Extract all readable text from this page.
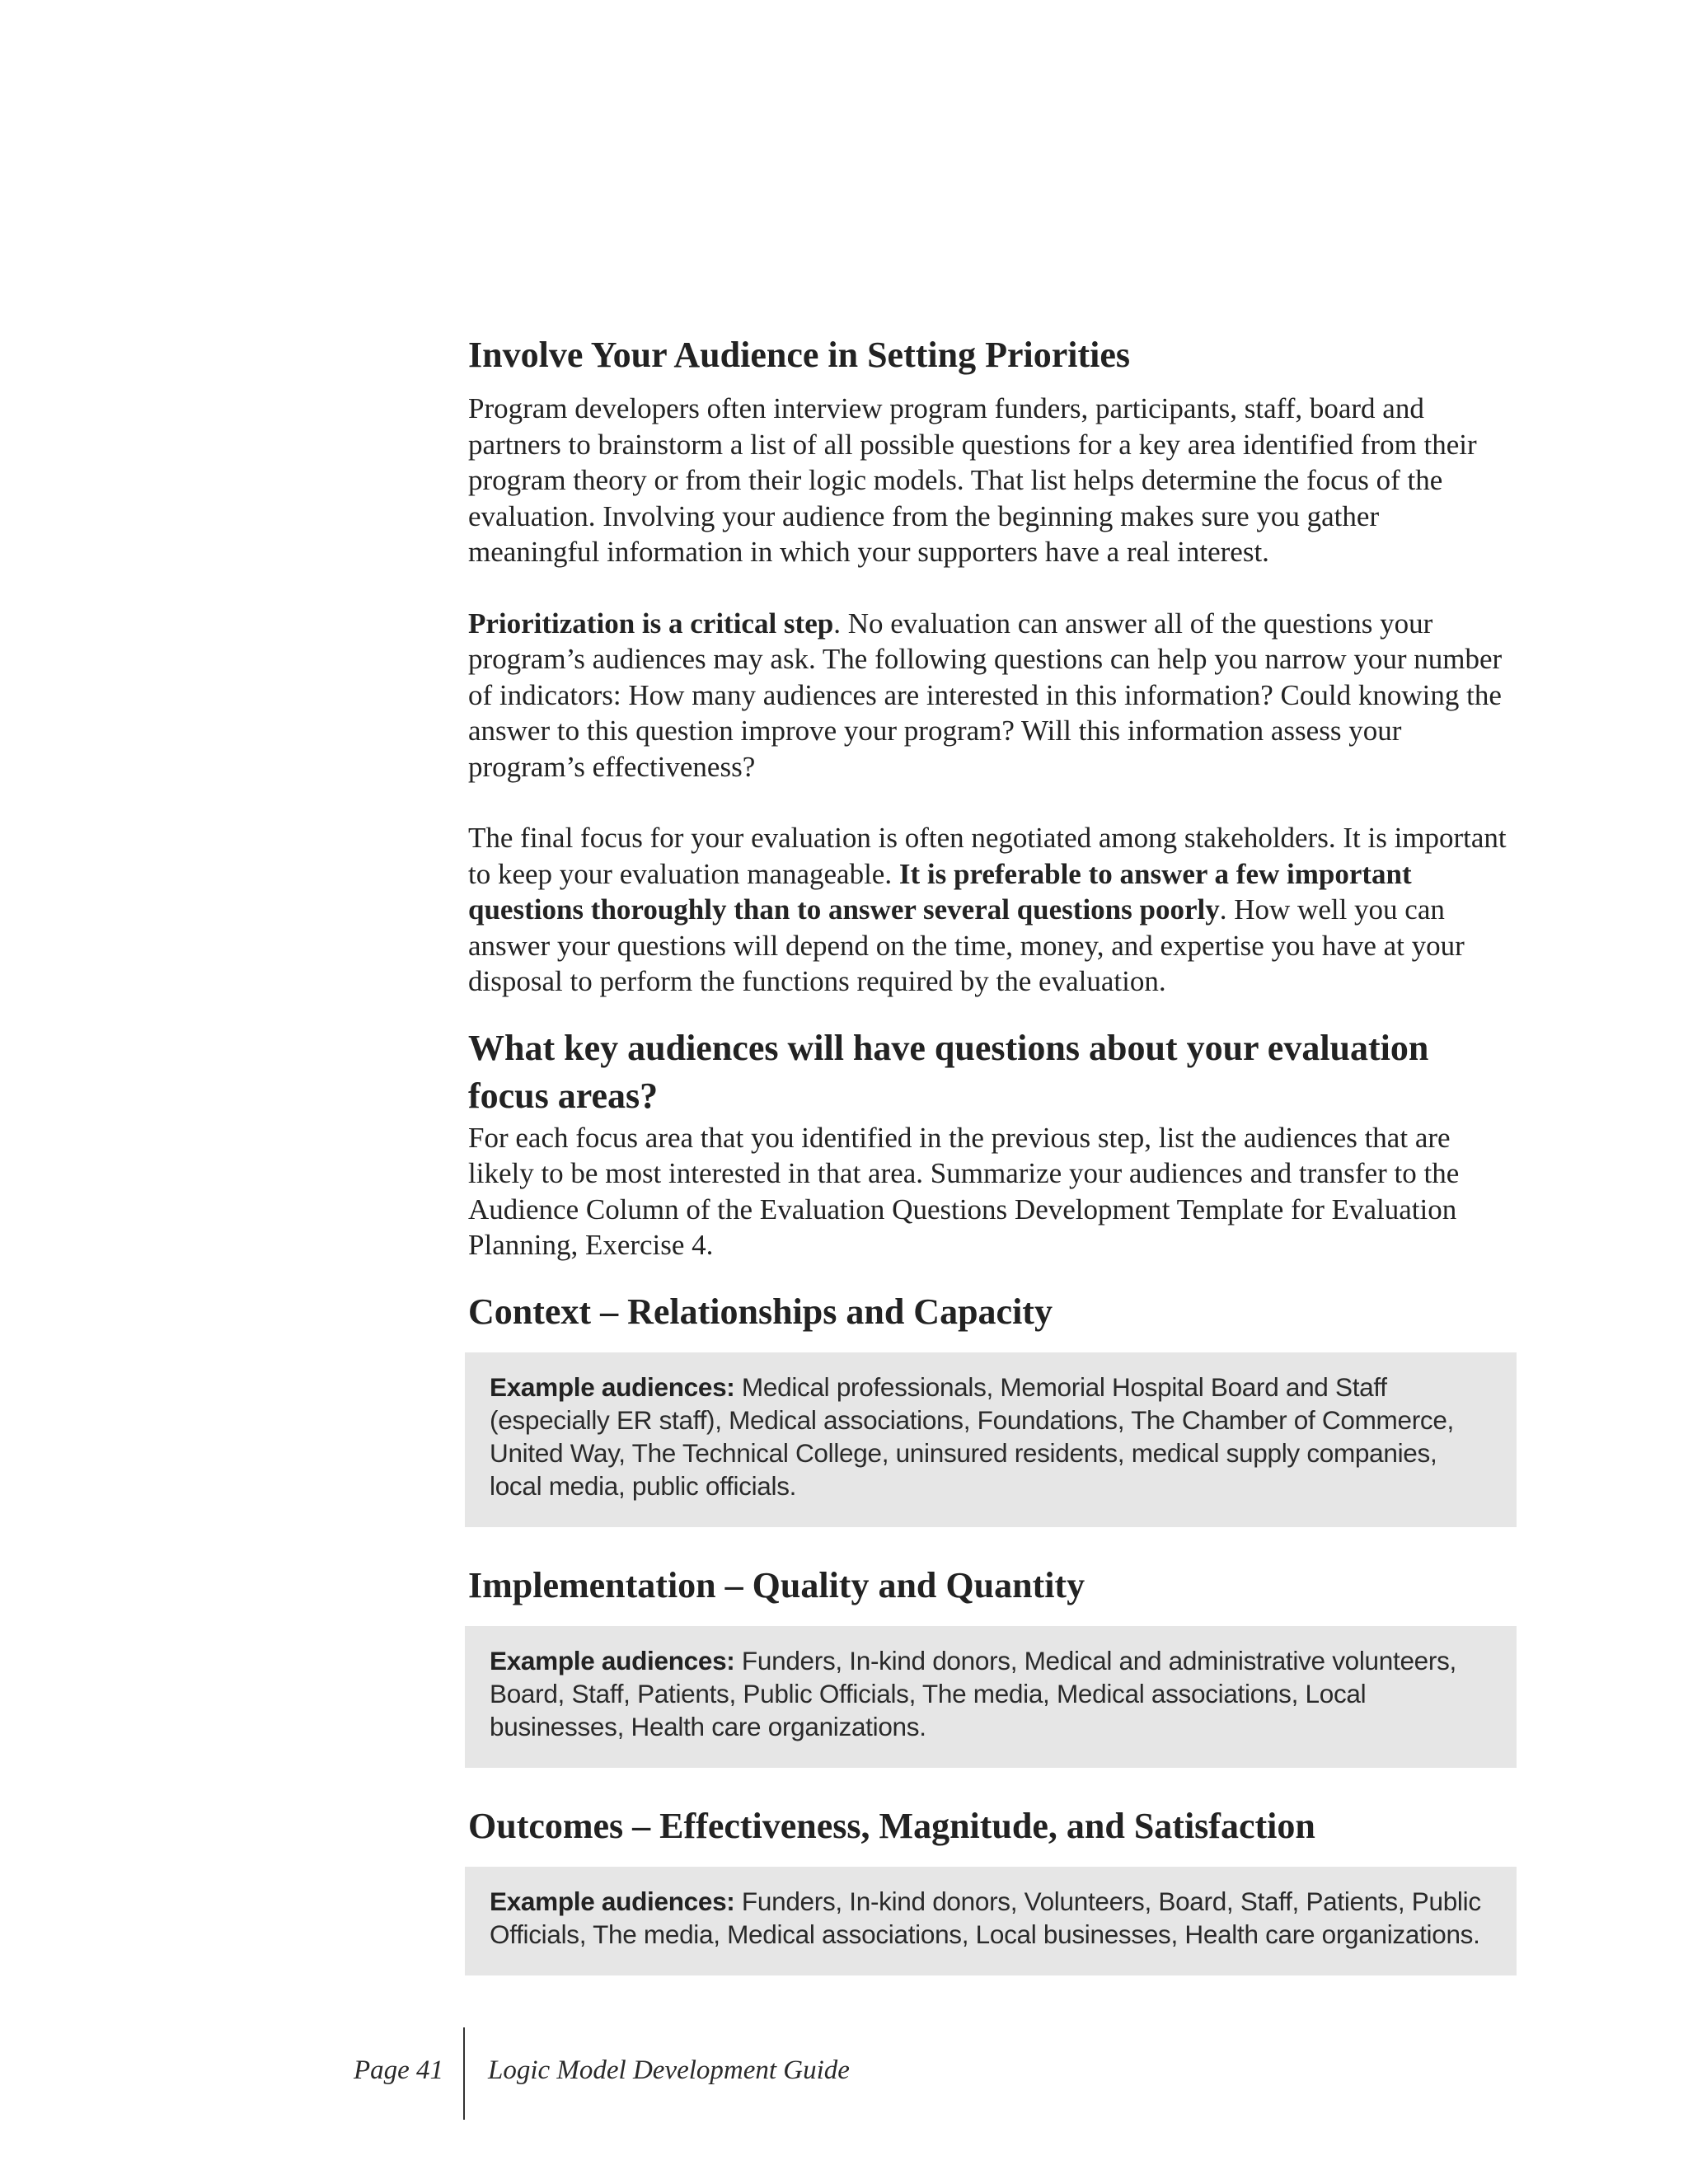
Involve Your Audience in Setting Priorities

Program developers often interview program funders, participants, staff, board and partners to brainstorm a list of all possible questions for a key area identified from their program theory or from their logic models. That list helps determine the focus of the evaluation. Involving your audience from the beginning makes sure you gather meaningful information in which your supporters have a real interest.

Prioritization is a critical step. No evaluation can answer all of the questions your program’s audiences may ask. The following questions can help you narrow your number of indicators: How many audiences are interested in this information? Could knowing the answer to this question improve your program? Will this information assess your program’s effectiveness?

The final focus for your evaluation is often negotiated among stakeholders. It is important to keep your evaluation manageable. It is preferable to answer a few important questions thoroughly than to answer several questions poorly. How well you can answer your questions will depend on the time, money, and expertise you have at your disposal to perform the functions required by the evaluation.

What key audiences will have questions about your evaluation focus areas?

For each focus area that you identified in the previous step, list the audiences that are likely to be most interested in that area. Summarize your audiences and transfer to the Audience Column of the Evaluation Questions Development Template for Evaluation Planning, Exercise 4.

Context – Relationships and Capacity
Example audiences: Medical professionals, Memorial Hospital Board and Staff (especially ER staff), Medical associations, Foundations, The Chamber of Commerce, United Way, The Technical College, uninsured residents, medical supply companies, local media, public officials.
Implementation – Quality and Quantity
Example audiences: Funders, In-kind donors, Medical and administrative volunteers, Board, Staff, Patients, Public Officials, The media, Medical associations, Local businesses, Health care organizations.
Outcomes – Effectiveness, Magnitude, and Satisfaction
Example audiences: Funders, In-kind donors, Volunteers, Board, Staff, Patients, Public Officials, The media, Medical associations, Local businesses, Health care organizations.
Page 41 Logic Model Development Guide
